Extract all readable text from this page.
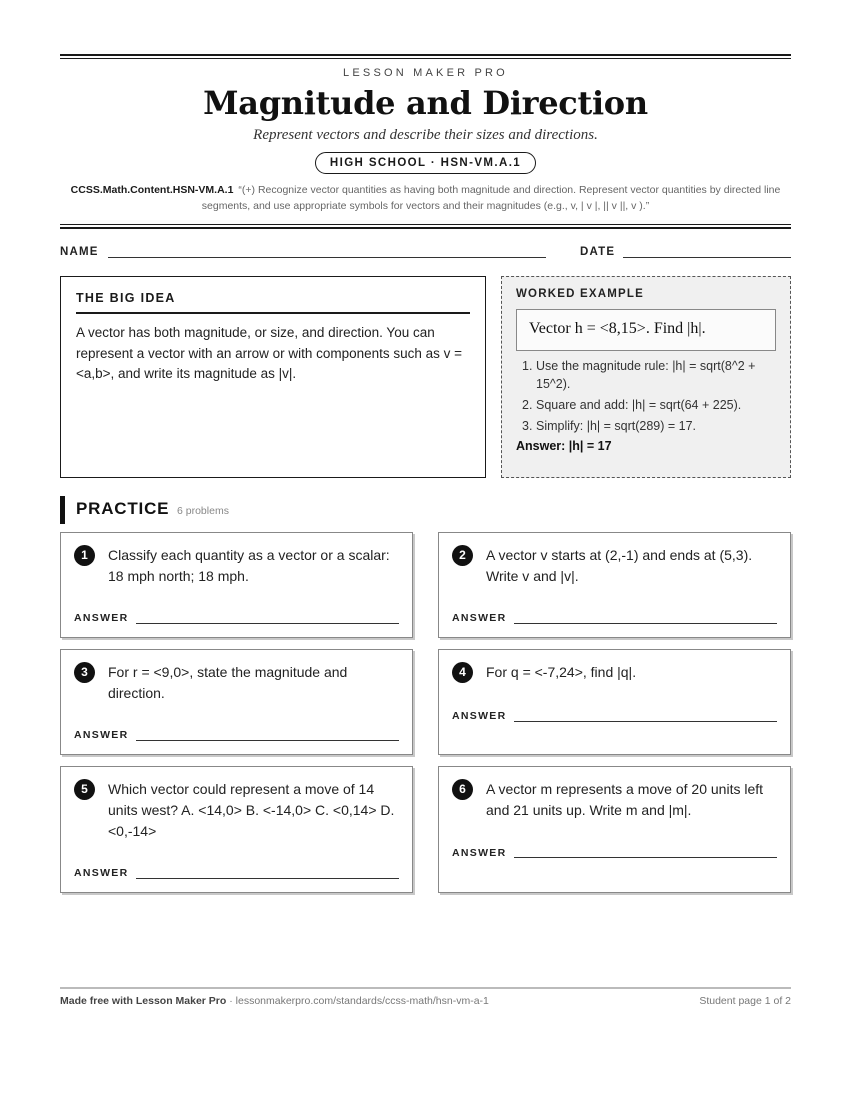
LESSON MAKER PRO
Magnitude and Direction
Represent vectors and describe their sizes and directions.
HIGH SCHOOL · HSN-VM.A.1
CCSS.Math.Content.HSN-VM.A.1 “(+) Recognize vector quantities as having both magnitude and direction. Represent vector quantities by directed line segments, and use appropriate symbols for vectors and their magnitudes (e.g., v, | v |, || v ||, v ).”
NAME	DATE
THE BIG IDEA
A vector has both magnitude, or size, and direction. You can represent a vector with an arrow or with components such as v = <a,b>, and write its magnitude as |v|.
WORKED EXAMPLE
Vector h = <8,15>. Find |h|.
1. Use the magnitude rule: |h| = sqrt(8^2 + 15^2).
2. Square and add: |h| = sqrt(64 + 225).
3. Simplify: |h| = sqrt(289) = 17.
Answer: |h| = 17
PRACTICE 6 problems
1	Classify each quantity as a vector or a scalar: 18 mph north; 18 mph.
ANSWER
2	A vector v starts at (2,-1) and ends at (5,3). Write v and |v|.
ANSWER
3	For r = <9,0>, state the magnitude and direction.
ANSWER
4	For q = <-7,24>, find |q|.
ANSWER
5	Which vector could represent a move of 14 units west? A. <14,0> B. <-14,0> C. <0,14> D. <0,-14>
ANSWER
6	A vector m represents a move of 20 units left and 21 units up. Write m and |m|.
ANSWER
Made free with Lesson Maker Pro · lessonmakerpro.com/standards/ccss-math/hsn-vm-a-1	Student page 1 of 2
